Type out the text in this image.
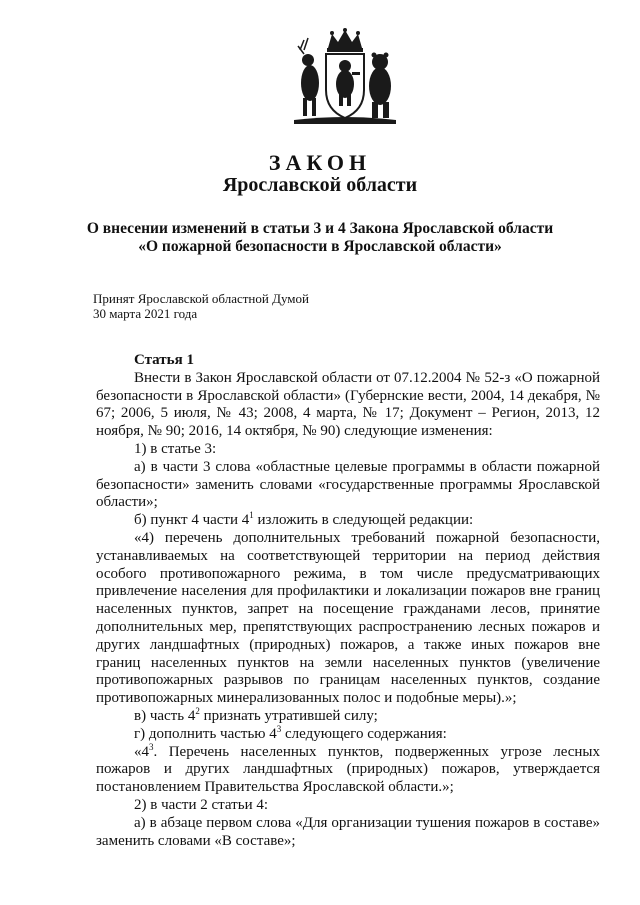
ЗАКОН
Ярославской области
О внесении изменений в статьи 3 и 4 Закона Ярославской области
«О пожарной безопасности в Ярославской области»
Принят Ярославской областной Думой
30 марта 2021 года

Статья 1

Внести в Закон Ярославской области от 07.12.2004 № 52-з «О пожарной безопасности в Ярославской области» (Губернские вести, 2004, 14 декабря, № 67; 2006, 5 июля, № 43; 2008, 4 марта, № 17; Документ – Регион, 2013, 12 ноября, № 90; 2016, 14 октября, № 90) следующие изменения:

1) в статье 3:

а) в части 3 слова «областные целевые программы в области пожарной безопасности» заменить словами «государственные программы Ярославской области»;

б) пункт 4 части $4^1$ изложить в следующей редакции:

«4) перечень дополнительных требований пожарной безопасности, устанавливаемых на соответствующей территории на период действия особого противопожарного режима, в том числе предусматривающих привлечение населения для профилактики и локализации пожаров вне границ населенных пунктов, запрет на посещение гражданами лесов, принятие дополнительных мер, препятствующих распространению лесных пожаров и других ландшафтных (природных) пожаров, а также иных пожаров вне границ населенных пунктов на земли населенных пунктов (увеличение противопожарных разрывов по границам населенных пунктов, создание противопожарных минерализованных полос и подобные меры).»;

в) часть $4^2$ признать утратившей силу;

г) дополнить частью $4^3$ следующего содержания:

«$4^3$. Перечень населенных пунктов, подверженных угрозе лесных пожаров и других ландшафтных (природных) пожаров, утверждается постановлением Правительства Ярославской области.»;

2) в части 2 статьи 4:

а) в абзаце первом слова «Для организации тушения пожаров в составе» заменить словами «В составе»;
